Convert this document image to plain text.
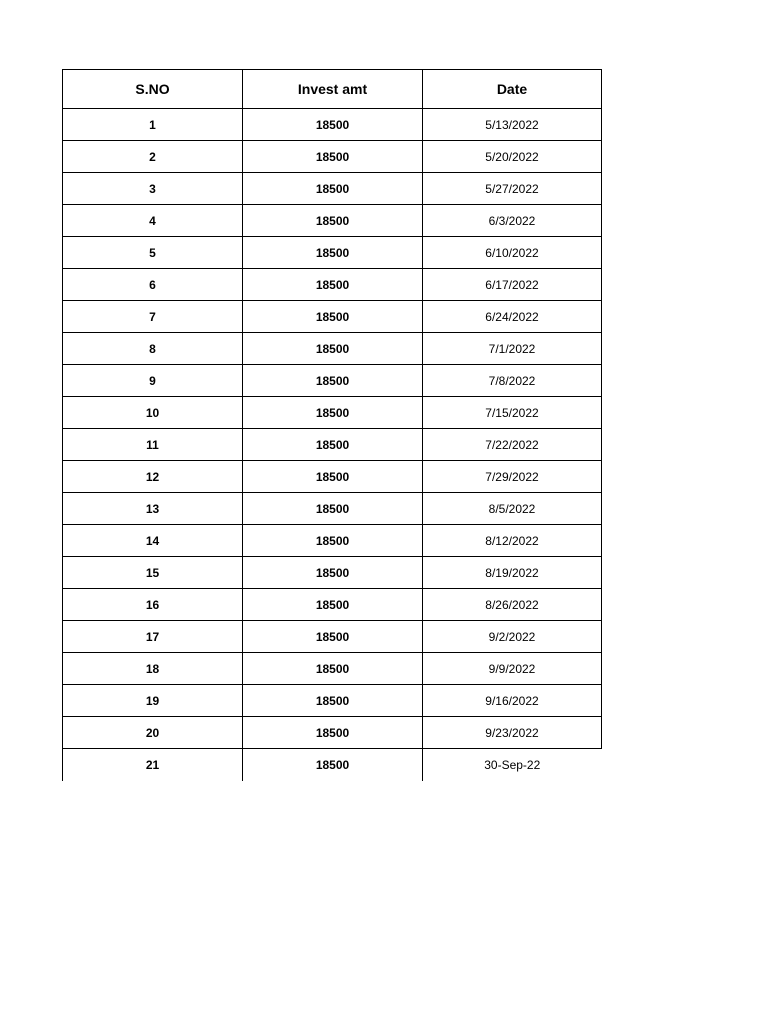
S.NO	Invest amt	Date
1	18500	5/13/2022
2	18500	5/20/2022
3	18500	5/27/2022
4	18500	6/3/2022
5	18500	6/10/2022
6	18500	6/17/2022
7	18500	6/24/2022
8	18500	7/1/2022
9	18500	7/8/2022
10	18500	7/15/2022
11	18500	7/22/2022
12	18500	7/29/2022
13	18500	8/5/2022
14	18500	8/12/2022
15	18500	8/19/2022
16	18500	8/26/2022
17	18500	9/2/2022
18	18500	9/9/2022
19	18500	9/16/2022
20	18500	9/23/2022
21	18500	30-Sep-22
